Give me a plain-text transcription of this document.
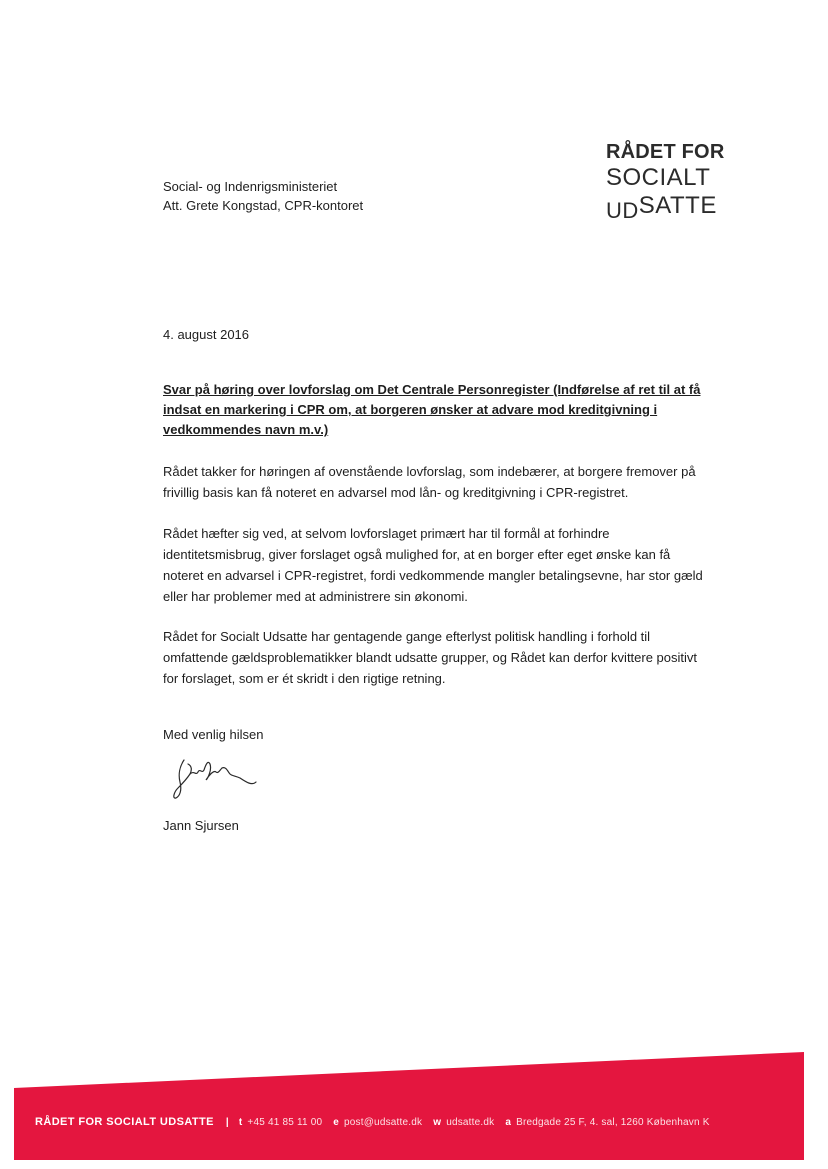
RÅDET FOR
SOCIALT
UDSATTE
Social- og Indenrigsministeriet
Att. Grete Kongstad, CPR-kontoret
4. august 2016
Svar på høring over lovforslag om Det Centrale Personregister (Indførelse af ret til at få
indsat en markering i CPR om, at borgeren ønsker at advare mod kreditgivning i
vedkommendes navn m.v.)
Rådet takker for høringen af ovenstående lovforslag, som indebærer, at borgere fremover på
frivillig basis kan få noteret en advarsel mod lån- og kreditgivning i CPR-registret.
Rådet hæfter sig ved, at selvom lovforslaget primært har til formål at forhindre
identitetsmisbrug, giver forslaget også mulighed for, at en borger efter eget ønske kan få
noteret en advarsel i CPR-registret, fordi vedkommende mangler betalingsevne, har stor gæld
eller har problemer med at administrere sin økonomi.
Rådet for Socialt Udsatte har gentagende gange efterlyst politisk handling i forhold til
omfattende gældsproblematikker blandt udsatte grupper, og Rådet kan derfor kvittere positivt
for forslaget, som er ét skridt i den rigtige retning.
Med venlig hilsen
Jann Sjursen
RÅDET FOR SOCIALT UDSATTE | t +45 41 85 11 00 e post@udsatte.dk w udsatte.dk a Bredgade 25 F, 4. sal, 1260 København K
